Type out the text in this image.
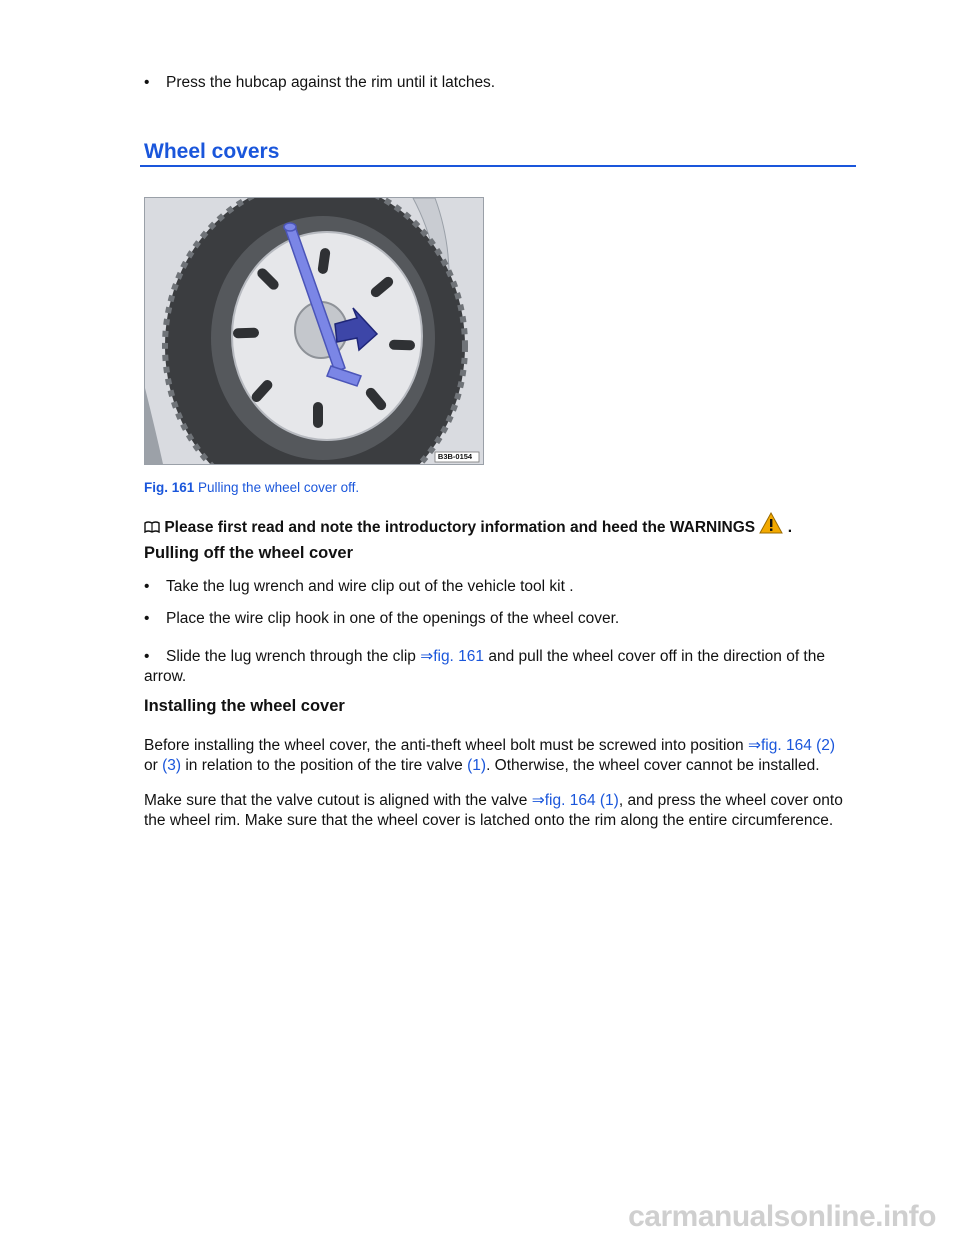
• Press the hubcap against the rim until it latches.
Wheel covers
B3B-0154
Fig. 161 Pulling the wheel cover off.
Please first read and note the introductory information and heed the WARNINGS .
Pulling off the wheel cover
• Take the lug wrench and wire clip out of the vehicle tool kit .
• Place the wire clip hook in one of the openings of the wheel cover.
• Slide the lug wrench through the clip ⇒fig. 161 and pull the wheel cover off in the direction of the
arrow.
Installing the wheel cover
Before installing the wheel cover, the anti-theft wheel bolt must be screwed into position ⇒fig. 164 (2)
or (3) in relation to the position of the tire valve (1). Otherwise, the wheel cover cannot be installed.
Make sure that the valve cutout is aligned with the valve ⇒fig. 164 (1), and press the wheel cover onto
the wheel rim. Make sure that the wheel cover is latched onto the rim along the entire circumference.
carmanualsonline.info
